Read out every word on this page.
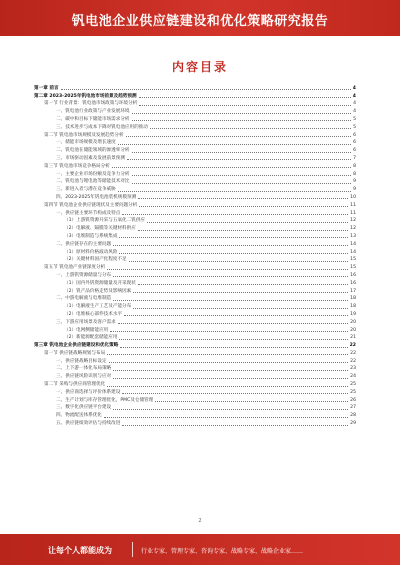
钒电池企业供应链建设和优化策略研究报告
内容目录
第一章 前言	4
第二章 2023-2025年钒电池市场前景及趋势预测	4
第一节 行业背景：钒电池市场政策与环境分析	4
一、钒电池行业政策与产业发展环境	4
二、碳中和目标下储能市场需求分析	5
三、技术进步与成本下降对钒电池应用的推动	5
第二节 钒电池市场规模及发展趋势分析	6
一、储能市场规模及增长速度	6
二、钒电池在储能领域的渗透率分析	6
三、市场驱动因素及发展前景预测	7
第三节 钒电池市场竞争格局分析	8
一、主要企业市场份额及竞争力分析	8
二、钒电池与锂电池等储能技术对比	9
三、新进入者与潜在竞争威胁	9
四、2023-2025年钒电池装机规模预测	10
第四节 钒电池企业供应链现状及主要问题分析	11
一、供应链主要环节构成及特点	11
（1）上游钒资源开采与五氧化二钒供应	12
（2）电解液、隔膜等关键材料供应	12
（3）电堆制造与系统集成	13
二、供应链存在的主要问题	14
（1）原材料价格波动风险	14
（2）关键材料国产化程度不足	15
第五节 钒电池产业链深度分析	15
一、上游钒资源储量与分布	16
（1）国内外钒资源储量及开采现状	16
（2）钒产品价格走势及影响因素	17
二、中游电解液与电堆制造	18
（1）电解液生产工艺及产能分布	18
（2）电堆核心部件技术水平	19
三、下游应用场景及客户需求	20
（1）电网侧储能应用	20
（2）新能源配套储能应用	21
第三章 钒电池企业供应链建设和优化策略	22
第一节 供应链战略规划与布局	22
一、供应链战略目标设定	22
二、上下游一体化布局策略	23
三、供应链风险识别与应对	24
第二节 采购与供应商管理优化	25
一、供应商选择与评价体系建设	25
二、生产计划与库存管理优化，PMC及仓储管理	26
三、数字化供应链平台建设	27
四、物流配送体系优化	28
五、供应链绩效评估与持续改进	29
2
让每个人都能成为	行业专家、管理专家、咨询专家、战略专家、战略企业家……
